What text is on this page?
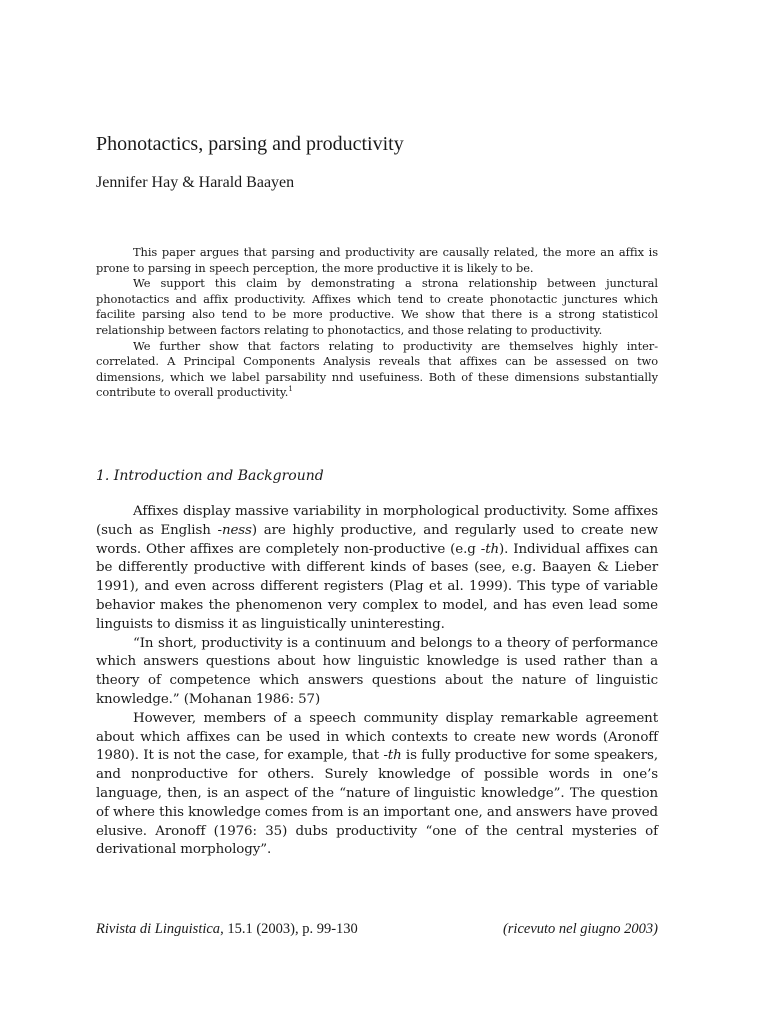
Phonotactics, parsing and productivity
Jennifer Hay & Harald Baayen

This paper argues that parsing and productivity are causally related, the more an affix is prone to parsing in speech perception, the more productive it is likely to be.

We support this claim by demonstrating a strona relationship between junctural phonotactics and affix productivity. Affixes which tend to create phonotactic junctures which facilite parsing also tend to be more productive. We show that there is a strong statisticol relationship between factors relating to phonotactics, and those relating to productivity.

We further show that factors relating to productivity are themselves highly inter-correlated. A Principal Components Analysis reveals that affixes can be assessed on two dimensions, which we label parsability nnd usefuiness. Both of these dimensions substantially contribute to overall productivity.$^1$

1. Introduction and Background

Affixes display massive variability in morphological productivity. Some affixes (such as English -ness) are highly productive, and regularly used to create new words. Other affixes are completely non-productive (e.g -th). Individual affixes can be differently productive with different kinds of bases (see, e.g. Baayen & Lieber 1991), and even across different registers (Plag et al. 1999). This type of variable behavior makes the phenomenon very complex to model, and has even lead some linguists to dismiss it as linguistically uninteresting.

“In short, productivity is a continuum and belongs to a theory of performance which answers questions about how linguistic knowledge is used rather than a theory of competence which answers questions about the nature of linguistic knowledge.” (Mohanan 1986: 57)

However, members of a speech community display remarkable agreement about which affixes can be used in which contexts to create new words (Aronoff 1980). It is not the case, for example, that -th is fully productive for some speakers, and nonproductive for others. Surely knowledge of possible words in one’s language, then, is an aspect of the “nature of linguistic knowledge”. The question of where this knowledge comes from is an important one, and answers have proved elusive. Aronoff (1976: 35) dubs productivity “one of the central mysteries of derivational morphology”.

Rivista di Linguistica, 15.1 (2003), p. 99-130	(ricevuto nel giugno 2003)
